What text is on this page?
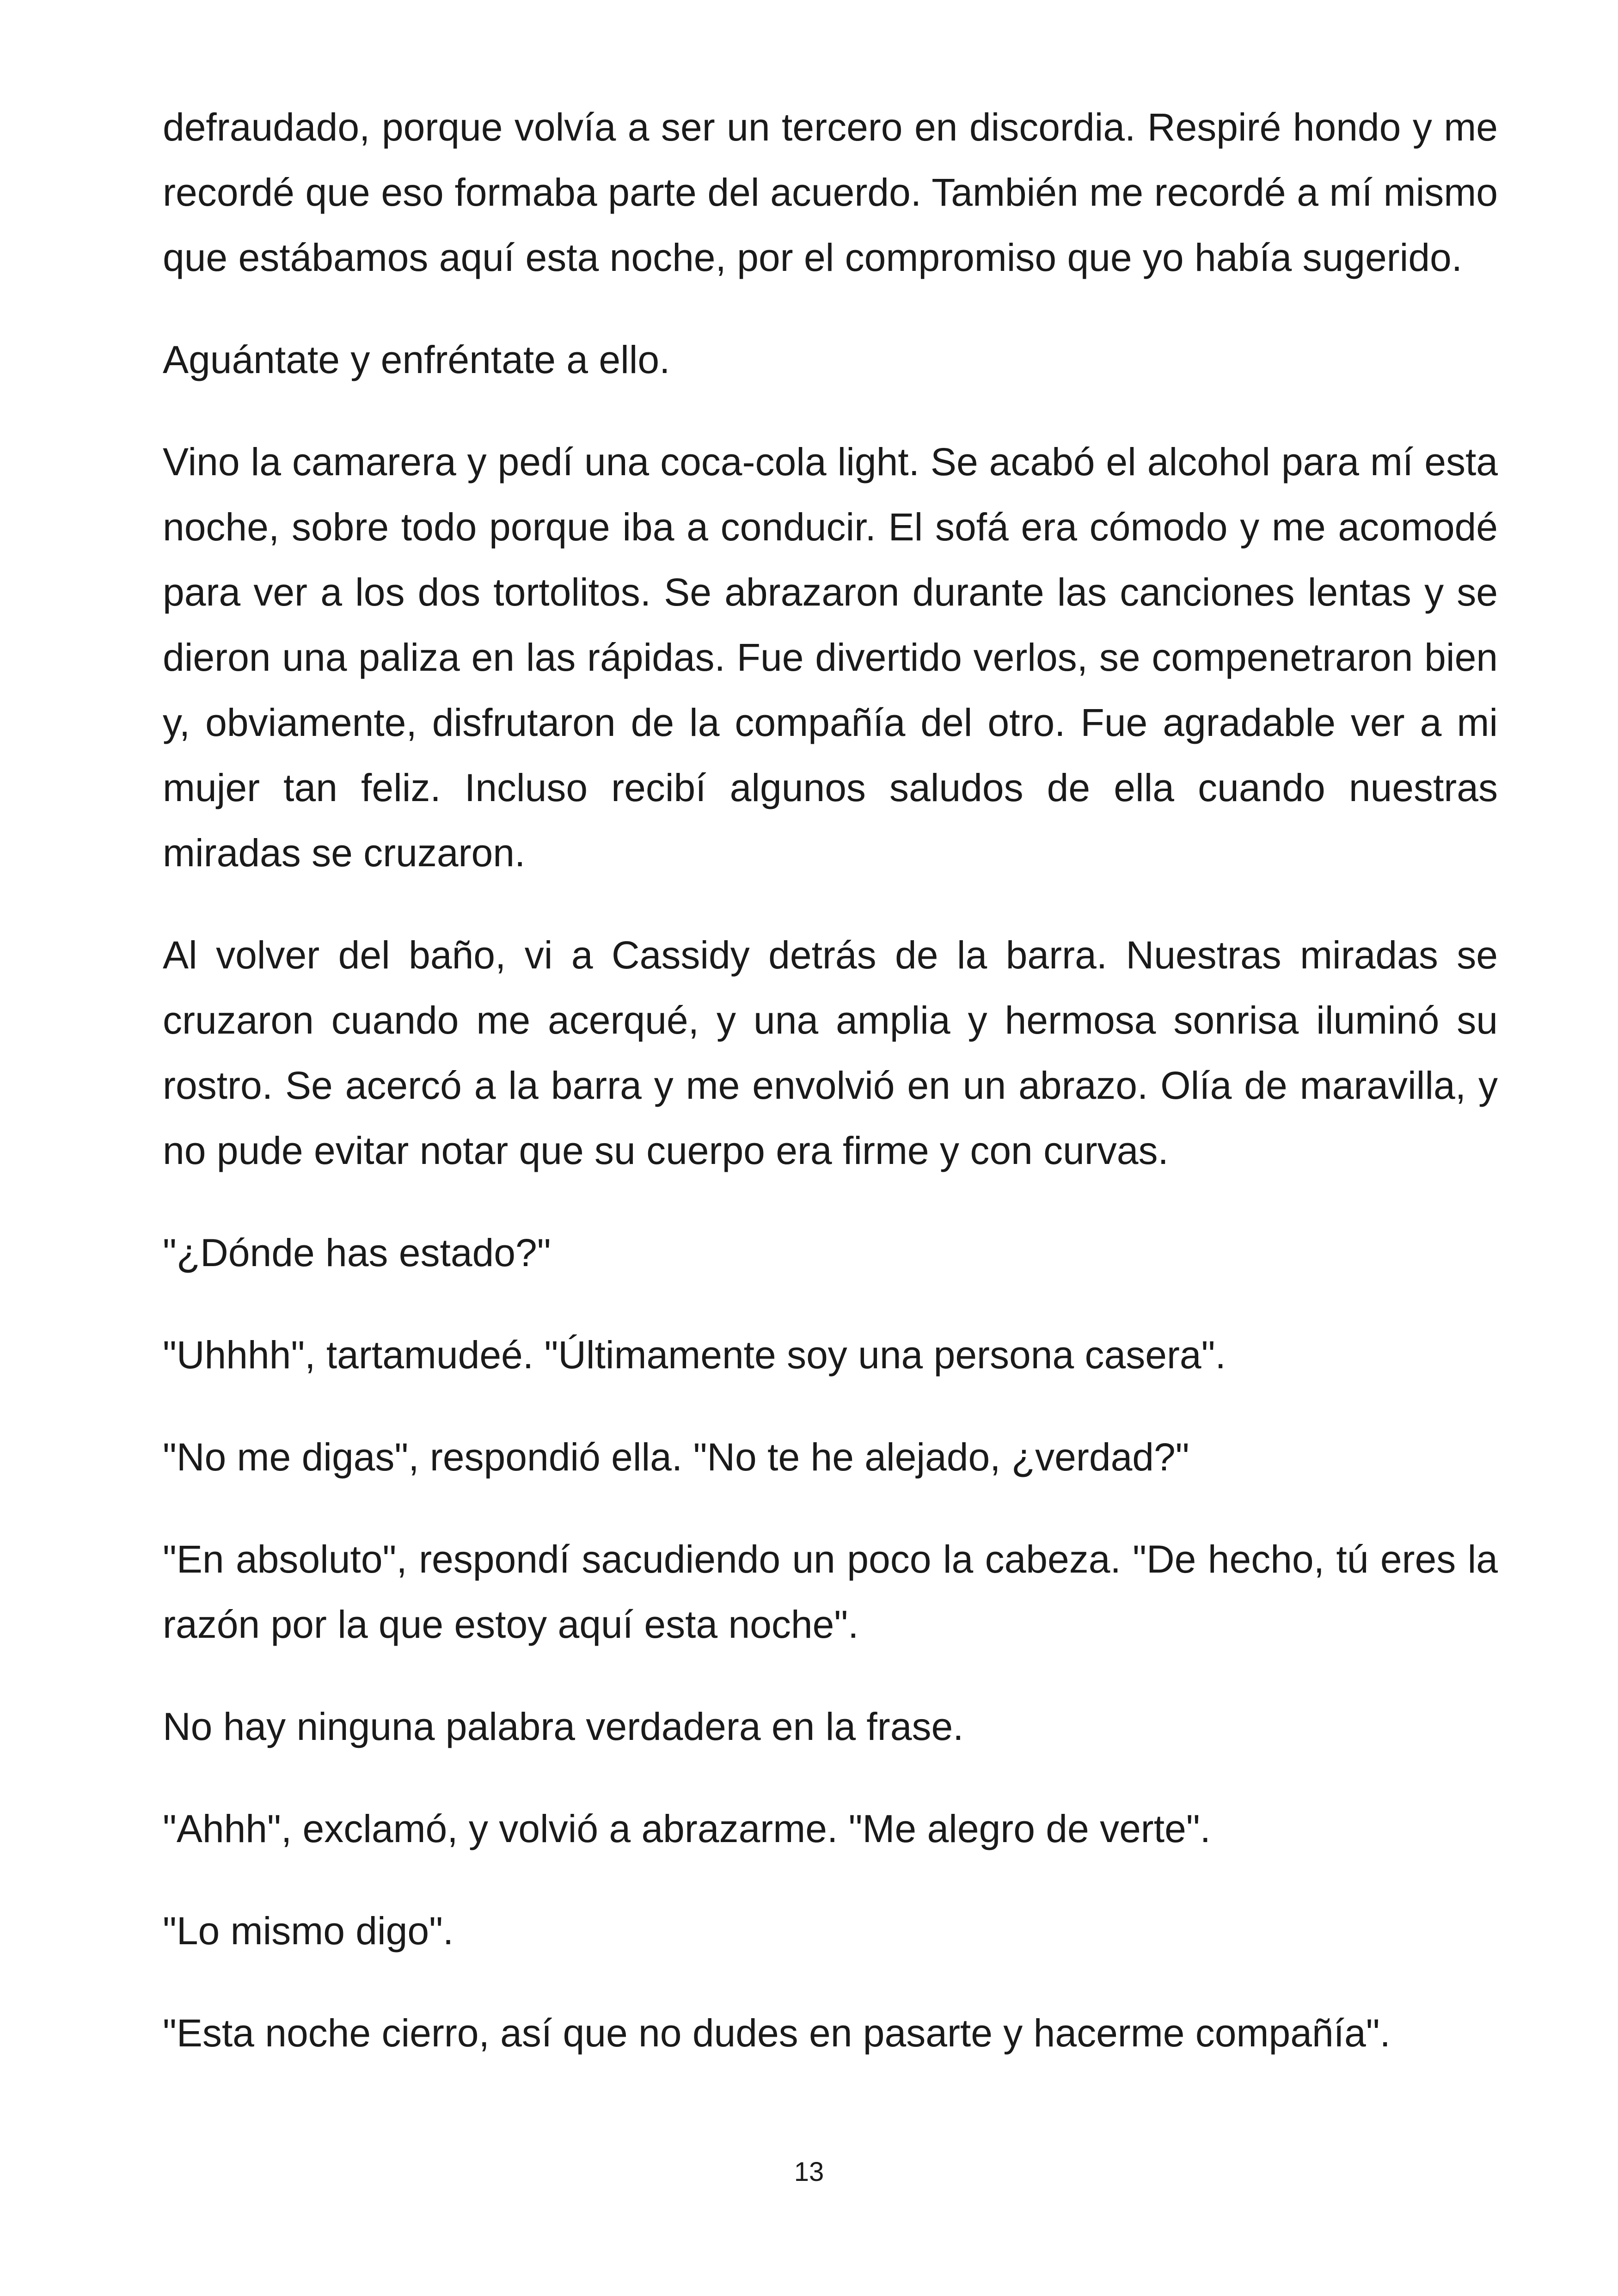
defraudado, porque volvía a ser un tercero en discordia. Respiré hondo y me recordé que eso formaba parte del acuerdo. También me recordé a mí mismo que estábamos aquí esta noche, por el compromiso que yo había sugerido.

Aguántate y enfréntate a ello.

Vino la camarera y pedí una coca-cola light. Se acabó el alcohol para mí esta noche, sobre todo porque iba a conducir. El sofá era cómodo y me acomodé para ver a los dos tortolitos. Se abrazaron durante las canciones lentas y se dieron una paliza en las rápidas. Fue divertido verlos, se compenetraron bien y, obviamente, disfrutaron de la compañía del otro. Fue agradable ver a mi mujer tan feliz. Incluso recibí algunos saludos de ella cuando nuestras miradas se cruzaron.

Al volver del baño, vi a Cassidy detrás de la barra. Nuestras miradas se cruzaron cuando me acerqué, y una amplia y hermosa sonrisa iluminó su rostro. Se acercó a la barra y me envolvió en un abrazo. Olía de maravilla, y no pude evitar notar que su cuerpo era firme y con curvas.

"¿Dónde has estado?"

"Uhhhh", tartamudeé. "Últimamente soy una persona casera".

"No me digas", respondió ella. "No te he alejado, ¿verdad?"

"En absoluto", respondí sacudiendo un poco la cabeza. "De hecho, tú eres la razón por la que estoy aquí esta noche".

No hay ninguna palabra verdadera en la frase.

"Ahhh", exclamó, y volvió a abrazarme. "Me alegro de verte".

"Lo mismo digo".

"Esta noche cierro, así que no dudes en pasarte y hacerme compañía".

13
